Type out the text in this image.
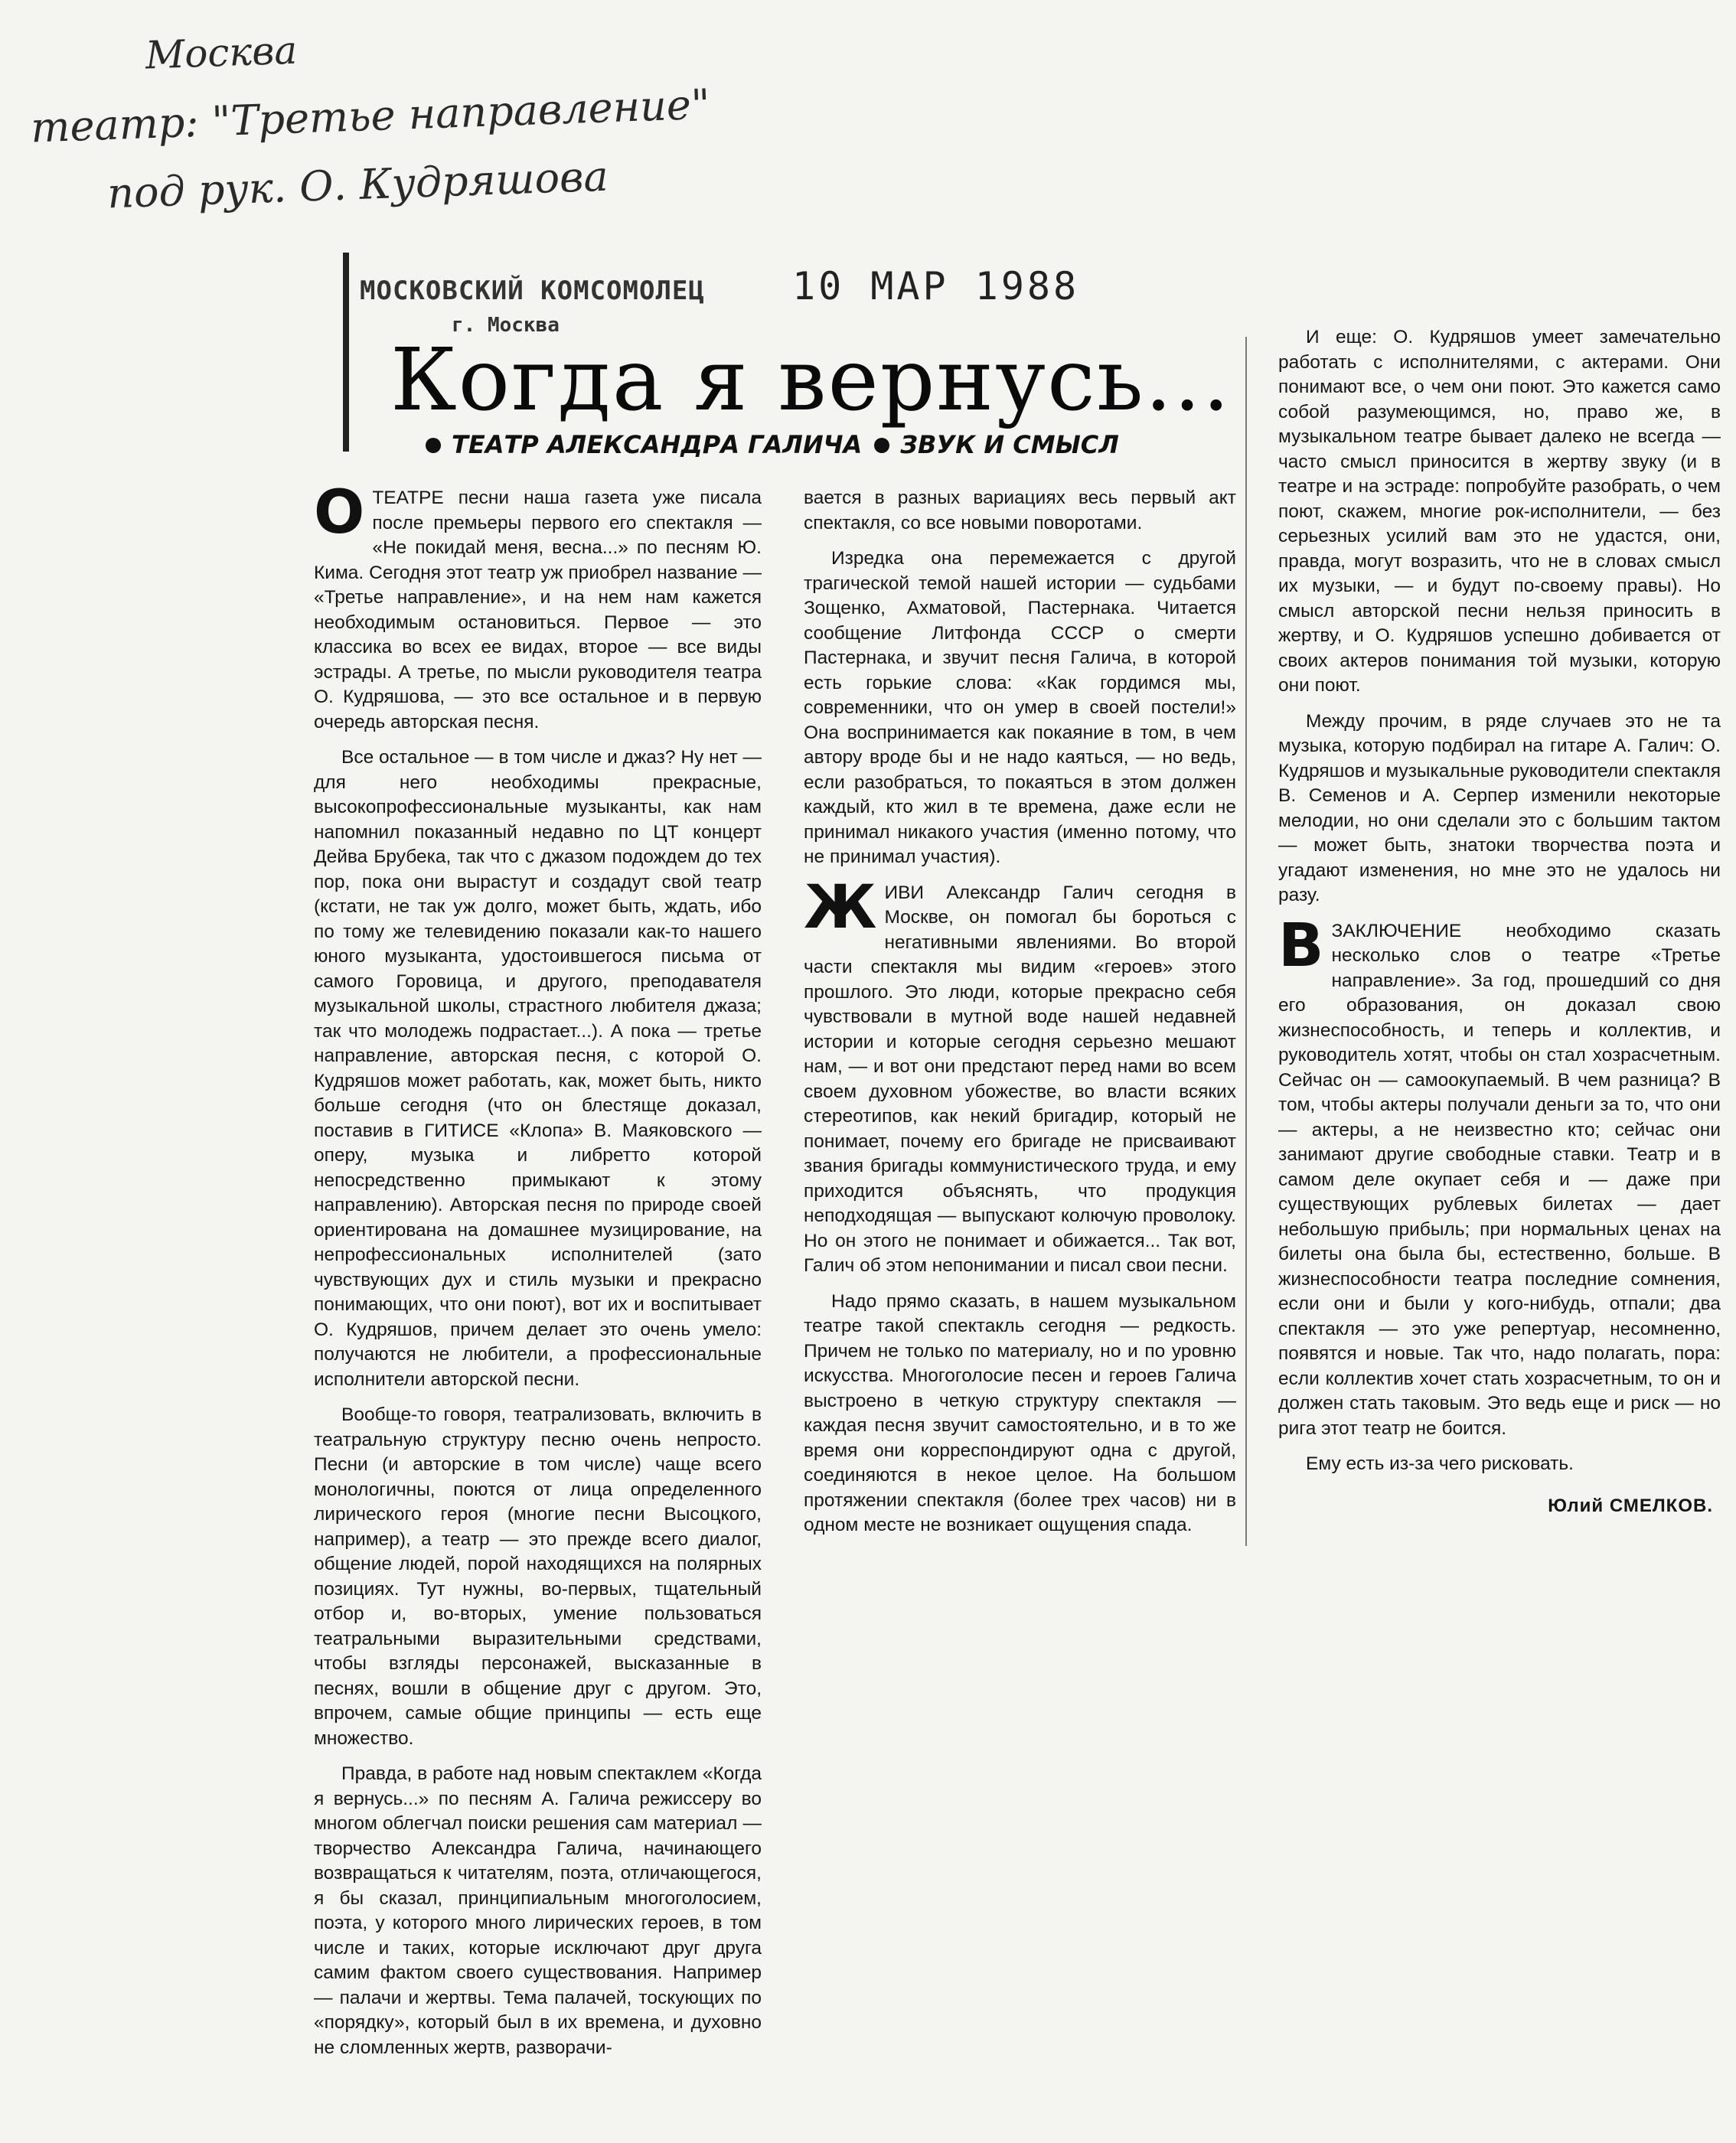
Москва
театр: "Третье направление"
под рук. О. Кудряшова
МОСКОВСКИЙ КОМСОМОЛЕЦ
г. Москва
10 МАР 1988
Когда я вернусь...
ТЕАТР АЛЕКСАНДРА ГАЛИЧА ЗВУК И СМЫСЛ

ОТЕАТРЕ песни наша газета уже писала после премьеры первого его спектакля — «Не покидай меня, весна...» по песням Ю. Кима. Сегодня этот театр уж приобрел название — «Третье направление», и на нем нам кажется необходимым остановиться. Первое — это классика во всех ее видах, второе — все виды эстрады. А третье, по мысли руководителя театра О. Кудряшова, — это все остальное и в первую очередь авторская песня.

Все остальное — в том числе и джаз? Ну нет — для него необходимы прекрасные, высокопрофессиональные музыканты, как нам напомнил показанный недавно по ЦТ концерт Дейва Брубека, так что с джазом подождем до тех пор, пока они вырастут и создадут свой театр (кстати, не так уж долго, может быть, ждать, ибо по тому же телевидению показали как-то нашего юного музыканта, удостоившегося письма от самого Горовица, и другого, преподавателя музыкальной школы, страстного любителя джаза; так что молодежь подрастает...). А пока — третье направление, авторская песня, с которой О. Кудряшов может работать, как, может быть, никто больше сегодня (что он блестяще доказал, поставив в ГИТИСЕ «Клопа» В. Маяковского — оперу, музыка и либретто которой непосредственно примыкают к этому направлению). Авторская песня по природе своей ориентирована на домашнее музицирование, на непрофессиональных исполнителей (зато чувствующих дух и стиль музыки и прекрасно понимающих, что они поют), вот их и воспитывает О. Кудряшов, причем делает это очень умело: получаются не любители, а профессиональные исполнители авторской песни.

Вообще-то говоря, театрализовать, включить в театральную структуру песню очень непросто. Песни (и авторские в том числе) чаще всего монологичны, поются от лица определенного лирического героя (многие песни Высоцкого, например), а театр — это прежде всего диалог, общение людей, порой находящихся на полярных позициях. Тут нужны, во-первых, тщательный отбор и, во-вторых, умение пользоваться театральными выразительными средствами, чтобы взгляды персонажей, высказанные в песнях, вошли в общение друг с другом. Это, впрочем, самые общие принципы — есть еще множество.

Правда, в работе над новым спектаклем «Когда я вернусь...» по песням А. Галича режиссеру во многом облегчал поиски решения сам материал — творчество Александра Галича, начинающего возвращаться к читателям, поэта, отличающегося, я бы сказал, принципиальным многоголосием, поэта, у которого много лирических героев, в том числе и таких, которые исключают друг друга самим фактом своего существования. Например — палачи и жертвы. Тема палачей, тоскующих по «порядку», который был в их времена, и духовно не сломленных жертв, разворачи-

вается в разных вариациях весь первый акт спектакля, со все новыми поворотами.

Изредка она перемежается с другой трагической темой нашей истории — судьбами Зощенко, Ахматовой, Пастернака. Читается сообщение Литфонда СССР о смерти Пастернака, и звучит песня Галича, в которой есть горькие слова: «Как гордимся мы, современники, что он умер в своей постели!» Она воспринимается как покаяние в том, в чем автору вроде бы и не надо каяться, — но ведь, если разобраться, то покаяться в этом должен каждый, кто жил в те времена, даже если не принимал никакого участия (именно потому, что не принимал участия).

ЖИВИ Александр Галич сегодня в Москве, он помогал бы бороться с негативными явлениями. Во второй части спектакля мы видим «героев» этого прошлого. Это люди, которые прекрасно себя чувствовали в мутной воде нашей недавней истории и которые сегодня серьезно мешают нам, — и вот они предстают перед нами во всем своем духовном убожестве, во власти всяких стереотипов, как некий бригадир, который не понимает, почему его бригаде не присваивают звания бригады коммунистического труда, и ему приходится объяснять, что продукция неподходящая — выпускают колючую проволоку. Но он этого не понимает и обижается... Так вот, Галич об этом непонимании и писал свои песни.

Надо прямо сказать, в нашем музыкальном театре такой спектакль сегодня — редкость. Причем не только по материалу, но и по уровню искусства. Многоголосие песен и героев Галича выстроено в четкую структуру спектакля — каждая песня звучит самостоятельно, и в то же время они корреспондируют одна с другой, соединяются в некое целое. На большом протяжении спектакля (более трех часов) ни в одном месте не возникает ощущения спада.

И еще: О. Кудряшов умеет замечательно работать с исполнителями, с актерами. Они понимают все, о чем они поют. Это кажется само собой разумеющимся, но, право же, в музыкальном театре бывает далеко не всегда — часто смысл приносится в жертву звуку (и в театре и на эстраде: попробуйте разобрать, о чем поют, скажем, многие рок-исполнители, — без серьезных усилий вам это не удастся, они, правда, могут возразить, что не в словах смысл их музыки, — и будут по-своему правы). Но смысл авторской песни нельзя приносить в жертву, и О. Кудряшов успешно добивается от своих актеров понимания той музыки, которую они поют.

Между прочим, в ряде случаев это не та музыка, которую подбирал на гитаре А. Галич: О. Кудряшов и музыкальные руководители спектакля В. Семенов и А. Серпер изменили некоторые мелодии, но они сделали это с большим тактом — может быть, знатоки творчества поэта и угадают изменения, но мне это не удалось ни разу.

ВЗАКЛЮЧЕНИЕ необходимо сказать несколько слов о театре «Третье направление». За год, прошедший со дня его образования, он доказал свою жизнеспособность, и теперь и коллектив, и руководитель хотят, чтобы он стал хозрасчетным. Сейчас он — самоокупаемый. В чем разница? В том, чтобы актеры получали деньги за то, что они — актеры, а не неизвестно кто; сейчас они занимают другие свободные ставки. Театр и в самом деле окупает себя и — даже при существующих рублевых билетах — дает небольшую прибыль; при нормальных ценах на билеты она была бы, естественно, больше. В жизнеспособности театра последние сомнения, если они и были у кого-нибудь, отпали; два спектакля — это уже репертуар, несомненно, появятся и новые. Так что, надо полагать, пора: если коллектив хочет стать хозрасчетным, то он и должен стать таковым. Это ведь еще и риск — но рига этот театр не боится.

Ему есть из-за чего рисковать.

Юлий СМЕЛКОВ.
